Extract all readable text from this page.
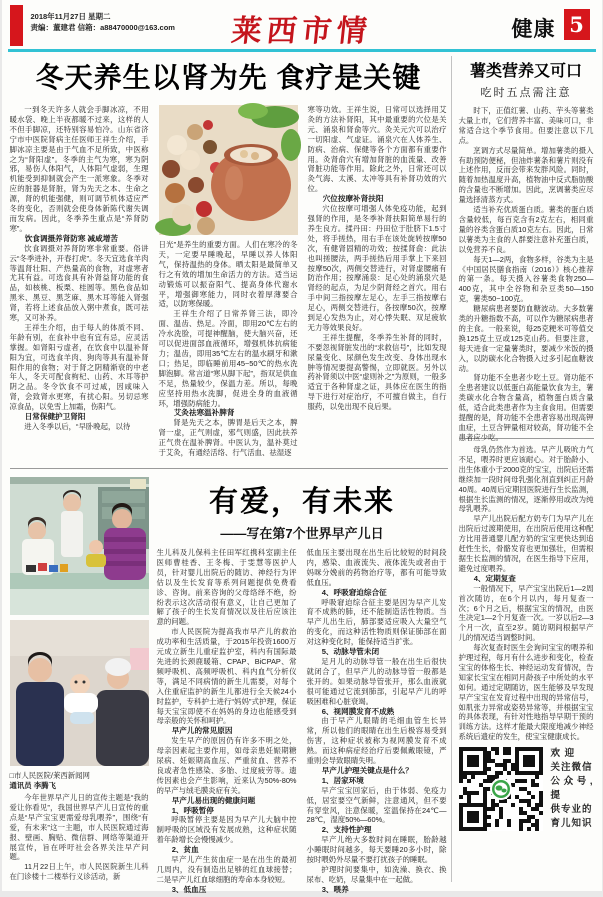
2018年11月27日 星期二
责编：董建君 信箱：a88470000@163.com	莱西市情	健康 5
冬天养生以肾为先 食疗是关键

一到冬天许多人就会手脚冰凉，不用暖水袋、晚上半夜都暖不过来，这样的人不但手脚凉，还特别容易怕冷。山东省济宁市中医院肾病主任医师王祥生介绍，手脚冰凉主要是由于气血不足所致，中医称之为“肾阳虚”。冬季的主气为寒，寒为阴邪，易伤人体阳气，人体阳气虚弱，生理机能受到抑制就会产生一派寒象。冬季对应的脏器是肾脏，肾为先天之本、生命之源，肾的机能强健，则可调节机体适应严冬的变化，否则就会使身体新陈代谢失调而发病。因此，冬季养生重点是“养肾防寒”。

饮食调摄养肾防寒 减咸增苦

饮食调摄对养肾防寒非常重要。俗讲云“冬季进补，开春打虎”。冬天宜选食羊肉等温肾壮阳、产热量高的食物，对虚寒者尤其有益。可选食具有补肾益肾功能的食品，如核桃、板栗、桂圆等。黑色食品如黑米、黑豆、黑芝麻、黑木耳等能入肾强肾，若将上述食品放入粥中煮食，既可祛寒，又可补养。

王祥生介绍，由于每人的体质不同、年龄有别，在食补中也有宜有忌，应灵活掌握。如肾阳亏虚者，在饮食中以温补肾阳为宜，可选食羊肉、狗肉等具有温补肾阳作用的食物；对于肾之阴精渐衰的中老年人，冬天可配食枸杞、山药、木耳等护阴之品。冬令饮食不可过咸，因咸味入肾，会致肾水更寒，有扰心阳。另切忌寒凉食品，以免雪上加霜，伤阳气。

日常保健护卫肾阳

进入冬季以后，“早卧晚起，以待

日光”是养生的重要方面。人们在寒冷的冬天，一定要早睡晚起，早睡以养人体阳气，保持温热的身体。晒太阳是最简单又行之有效的增加生命活力的方法。适当运动锻炼可以振奋阳气、提高身体代谢水平，增强御寒能力，同时衣着厚薄要合适，以防寒保暖。

王祥生介绍了日常养肾三法，即冷面、温齿、热足。冷面，即用20℃左右的冷水洗脸，可提神醒脑，使大脑兴奋，还可以促进面部血液循环，增强机体抗病能力；温齿，即用35℃左右的温水刷牙和漱口；热足，即临睡前用45~50℃的热水洗脚泡脚。常言道“寒从脚下起”，指双足供血不足，热量较少，保温力差。所以，每晚应坚持用热水洗脚，促进全身的血液循环，增强防病能力。

艾灸祛寒温补脾肾

肾是先天之本，脾胃是后天之本，脾肾一虚，正气则虚，邪气则盛，因此扶养正气贵在温补脾肾。中医认为，温补莫过于艾灸，有通经活络、行气活血、祛湿逐

寒等功效。王祥生说，日常可以选择用艾灸的方法补肾阳，其中最重要的穴位是关元、涌泉和肾俞等穴。灸关元穴可以治疗一切阳虚、气虚证。涌泉穴在人体养生、防病、治病、保健等各个方面都有重要作用。灸肾俞穴有增加肾脏的血流量、改善肾脏功能等作用。除此之外，日常还可以灸气海、太溪、太冲等具有补肾功效的穴位。

穴位按摩补肾扶阳

穴位按摩可增强人体免疫功能，起到强肾的作用，是冬季补肾扶阳简单易行的养生良方。揉丹田：丹田位于肚脐下1.5寸处，将手搓热，用右手在该处旋转按摩50次，有健肾固精的功效；按揉肾俞：此法也叫搓腰法，两手搓热后用手掌上下来回按摩50次，两侧交替进行，对肾虚腰痛有防治作用；按摩涌泉：足心处的涌泉穴是肾经的起点，为足少阴肾经之首穴。用右手中间三指按摩左足心，左手三指按摩右足心，两侧交替进行，各按摩50次，按摩到足心发热为止，对心悸失眠、双足疲软无力等效果良好。

王祥生提醒，冬季养生补肾的同时，不要忽视肾脏发出的“求救信号”，比如发现尿量变化、尿颜色发生改变、身体出现水肿等情况要提高警惕，立即就医。另外以药补肾须以中医“虚则补之”为原则，一般多适宜于各种肾虚之证，具体应在医生的指导下进行对症治疗，不可擅自做主，自行服药，以免出现不良后果。

薯类营养又可口
吃时五点需注意

时下，正值红薯、山药、芋头等薯类大量上市，它们营养丰富、美味可口，非常适合这个季节食用。但要注意以下几点。

烹调方式尽量简单。增加薯类的摄入有助预防便秘，但油炸薯条和薯片则没有上述作用，反而会带来发胖风险。同时，随着加热温度升高，植物油中反式脂肪酸的含量也不断增加。因此，烹调薯类应尽量选择清蒸方式。

适当补充优质蛋白质。薯类的蛋白质含量较低，每百克含有2克左右，相同重量的谷类含蛋白质10克左右。因此，日常以薯类为主食的人群要注意补充蛋白质，以免营养不良。

每天1—2两，食物多样，谷类为主是《中国居民膳食指南（2016）》核心推荐的第一条。每天摄入谷薯类食物250—400克，其中全谷物和杂豆类50—150克，薯类50~100克。

糖尿病患者要防血糖波动。大多数薯类的升糖指数不高，可以作为糖尿病患者的主食。一般来说，每25克粳米可等值交换125克土豆或125克山药。但要注意，每天进食一定量薯类时，要减少米饭的摄入，以防碳水化合物摄入过多引起血糖波动。

肾功能不全患者少吃土豆。肾功能不全患者建议以低蛋白高能量饮食为主，薯类碳水化合物含量高，植物蛋白质含量低，适合此类患者作为主食食用。但需要提醒的是，肾功能不全患者容易出现高钾血症，土豆含钾量相对较高，肾功能不全患者应少吃。

母乳仍然作为首选。早产儿吸吮力气不足，喂养时更应该耐心。对于胎龄小、出生体重小于2000克的宝宝，出院后还需继续加一段时间母乳强化剂直到纠正月龄40周。40周后定期回医院进行生长监测，根据生长监测的情况，逐渐停用或改为纯母乳喂养。

早产儿出院后配方奶专门为早产儿在出院后过渡期使用，在出院后使用这种配方比用普通婴儿配方奶的宝宝更快达到追赶性生长，骨骼发育也更加强壮，但需根据生长监测的情况，在医生指导下应用，避免过度喂养。

4、定期复查

一般情况下，早产宝宝出院后1—2周首次随访，在6个月以内，每月复查一次；6个月之后，根据宝宝的情况，由医生决定1—2个月复查一次。一岁以后2—3个月一次，直至2岁。随访期间根据早产儿的情况适当调整时间。

每次复查时医生会询问宝宝的喂养和护理过程，每月有什么进步和变化，检查宝宝的体格生长、神经运动发育情况，告知家长宝宝在相同月龄孩子中所处的水平如何。通过定期随访，医生能够及早发现早产宝宝在发育过程中出现的异常信号，如肌张力异常或姿势异常等，并根据宝宝的具体表现，有针对性地指导早期干预的训练方法。这样才能最大限度地减少神经系统后遗症的发生，使宝宝健康成长。

欢 迎
关注微信
公众号,提
供专业的
育儿知识
□市人民医院/莱西新闻网
通讯员 李腾飞

今年世界早产儿日的宣传主题是“我的爱让你看见”，我国世界早产儿日宣传的重点是“早产宝宝更需爱母乳喂养”，围绕“有爱，有未来”这一主题，市人民医院通过海报、壁画、胸贴、微信群、网络等渠道开展宣传，旨在呼吁社会各界关注早产问题。

11月22日上午，市人民医院新生儿科在门诊楼十二楼举行义诊活动，新

有爱，有未来
——写在第7个世界早产儿日

生儿科及儿保科主任田军红携科室副主任医师曹桂香、王冬梅、于雯慧等医护人员，针对婴儿出院后的随访、神经行为评估以及生长发育等系列问题提供免费看诊、咨询。前来咨询的父母络绎不绝，纷纷表示这次活动很有意义，让自己更加了解了孩子的生长发育情况以及往后应该注意的问题。

市人民医院为提高我市早产儿的救治成功率和生活质量，于2015年投资1600万元成立新生儿重症监护室，科内有国际最先进的长颈鹿暖箱、CPAP、BiCPAP、常频呼吸机、高频呼吸机、科内血气分析仪等，满足不同病情的新生儿需要，对每个入住重症监护的新生儿都进行全天候24小时监护，专科护士进行“妈妈”式护理，保证每天宝宝即使不在妈妈的身边也能感受到母亲般的关怀和呵护。

早产儿的常见原因

发生早产的原因仍有许多不明之处，母亲因素起主要作用，如母亲患妊娠期糖尿病、妊娠期高血压、严重贫血、营养不良或者急性感染、多胎、过度疲劳等。遗传因素也会产生影响，近来认为50%-80%的早产与绒毛膜炎症有关。

早产儿易出现的健康问题
1、呼吸暂停

呼吸暂停主要是因为早产儿大脑中控制呼吸的区域没有发展成熟，这种症状随着年龄增长会慢慢减少。

2、贫血

早产儿产生贫血症一是在出生的最初几周内，没有制造出足够的红血球接替；二是早产儿红血球细胞的寿命本身较短。

3、低血压

低血压主要出现在出生后比较短的时间段内，感染、血液流失、液体流失或者由于妈咪分娩前的药物治疗等，都有可能导致低血压。

4、呼吸窘迫综合征

呼吸窘迫综合征主要是因为早产儿发育不成熟的肺，还不能制造活性物质。当早产儿出生后，肺部要适应吸入大量空气的变化，而这种活性物质则保证肺部在面对这种变化时，能保持适当扩张。

5、动脉导管未闭

足月儿的动脉导管一般在出生后很快就闭合了，但早产儿的动脉导管一般都是张开的。如果动脉导管张开，那么血液就很可能通过它流到肺部，引起早产儿的呼吸困难和心脏衰竭。

6、视网膜发育不成熟

由于早产儿眼睛的毛细血管生长异常，所以他们的眼睛在出生后极容易受到伤害，这种症状被称为视网膜发育不成熟。而这种病症经治疗后要佩戴眼镜，严重则会导致眼睛失明。

早产儿护理关键点是什么？
1、居家环境

早产宝宝回家后，由于体弱、免疫力低，居室要空气新鲜，注意通风，但不要有穿堂风，注意保暖，室温保持在24℃—28℃，湿度50%—60%。

2、支持性护理

早产儿绝大多数时间在睡眠，胎龄越小睡眠时间越多，每天要睡20多小时，除按时喂奶外尽量不要打扰孩子的睡眠。

护理时间要集中，如洗澡、换衣、换尿布、吃奶，尽量集中在一起做。

3、喂养
